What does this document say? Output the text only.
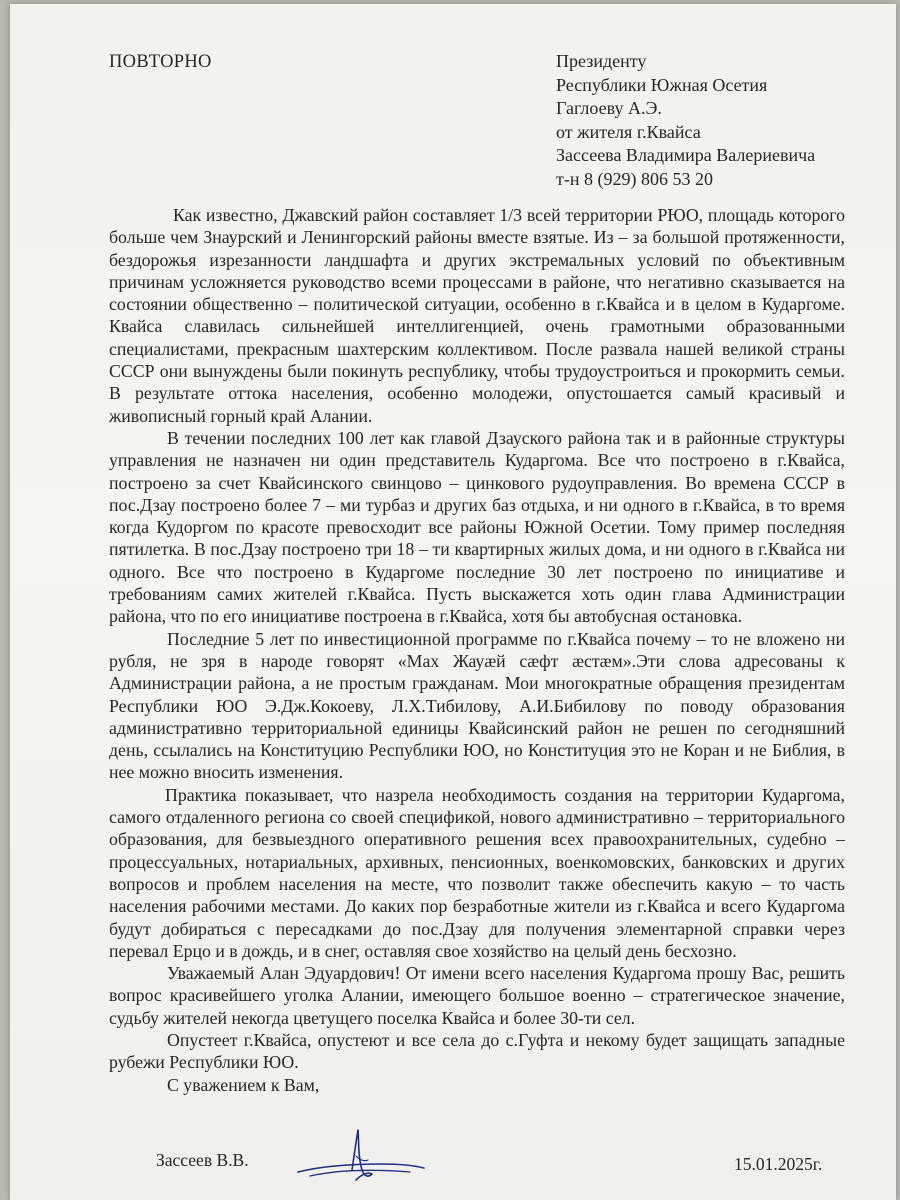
ПОВТОРНО	Президенту
Республики Южная Осетия
Гаглоеву А.Э.
от жителя г.Квайса
Зассеева Владимира Валериевича
т-н 8 (929) 806 53 20

Как известно, Джавский район составляет 1/3 всей территории РЮО, площадь которого больше чем Знаурский и Ленингорский районы вместе взятые. Из – за большой протяженности, бездорожья изрезанности ландшафта и других экстремальных условий по объективным причинам усложняется руководство всеми процессами в районе, что негативно сказывается на состоянии общественно – политической ситуации, особенно в г.Квайса и в целом в Кударгоме. Квайса славилась сильнейшей интеллигенцией, очень грамотными образованными специалистами, прекрасным шахтерским коллективом. После развала нашей великой страны СССР они вынуждены были покинуть республику, чтобы трудоустроиться и прокормить семьи. В результате оттока населения, особенно молодежи, опустошается самый красивый и живописный горный край Алании.

В течении последних 100 лет как главой Дзауского района так и в районные структуры управления не назначен ни один представитель Кударгома. Все что построено в г.Квайса, построено за счет Квайсинского свинцово – цинкового рудоуправления. Во времена СССР в пос.Дзау построено более 7 – ми турбаз и других баз отдыха, и ни одного в г.Квайса, в то время когда Кудоргом по красоте превосходит все районы Южной Осетии. Тому пример последняя пятилетка. В пос.Дзау построено три 18 – ти квартирных жилых дома, и ни одного в г.Квайса ни одного. Все что построено в Кударгоме последние 30 лет построено по инициативе и требованиям самих жителей г.Квайса. Пусть выскажется хоть один глава Администрации района, что по его инициативе построена в г.Квайса, хотя бы автобусная остановка.

Последние 5 лет по инвестиционной программе по г.Квайса почему – то не вложено ни рубля, не зря в народе говорят «Мах Жауæй сæфт æстæм».Эти слова адресованы к Администрации района, а не простым гражданам. Мои многократные обращения президентам Республики ЮО Э.Дж.Кокоеву, Л.Х.Тибилову, А.И.Бибилову по поводу образования административно территориальной единицы Квайсинский район не решен по сегодняшний день, ссылались на Конституцию Республики ЮО, но Конституция это не Коран и не Библия, в нее можно вносить изменения.

Практика показывает, что назрела необходимость создания на территории Кударгома, самого отдаленного региона со своей спецификой, нового административно – территориального образования, для безвыездного оперативного решения всех правоохранительных, судебно – процессуальных, нотариальных, архивных, пенсионных, военкомовских, банковских и других вопросов и проблем населения на месте, что позволит также обеспечить какую – то часть населения рабочими местами. До каких пор безработные жители из г.Квайса и всего Кударгома будут добираться с пересадками до пос.Дзау для получения элементарной справки через перевал Ерцо и в дождь, и в снег, оставляя свое хозяйство на целый день бесхозно.

Уважаемый Алан Эдуардович! От имени всего населения Кударгома прошу Вас, решить вопрос красивейшего уголка Алании, имеющего большое военно – стратегическое значение, судьбу жителей некогда цветущего поселка Квайса и более 30-ти сел.

Опустеет г.Квайса, опустеют и все села до с.Гуфта и некому будет защищать западные рубежи Республики ЮО.

С уважением к Вам,

Зассеев В.В.	15.01.2025г.
